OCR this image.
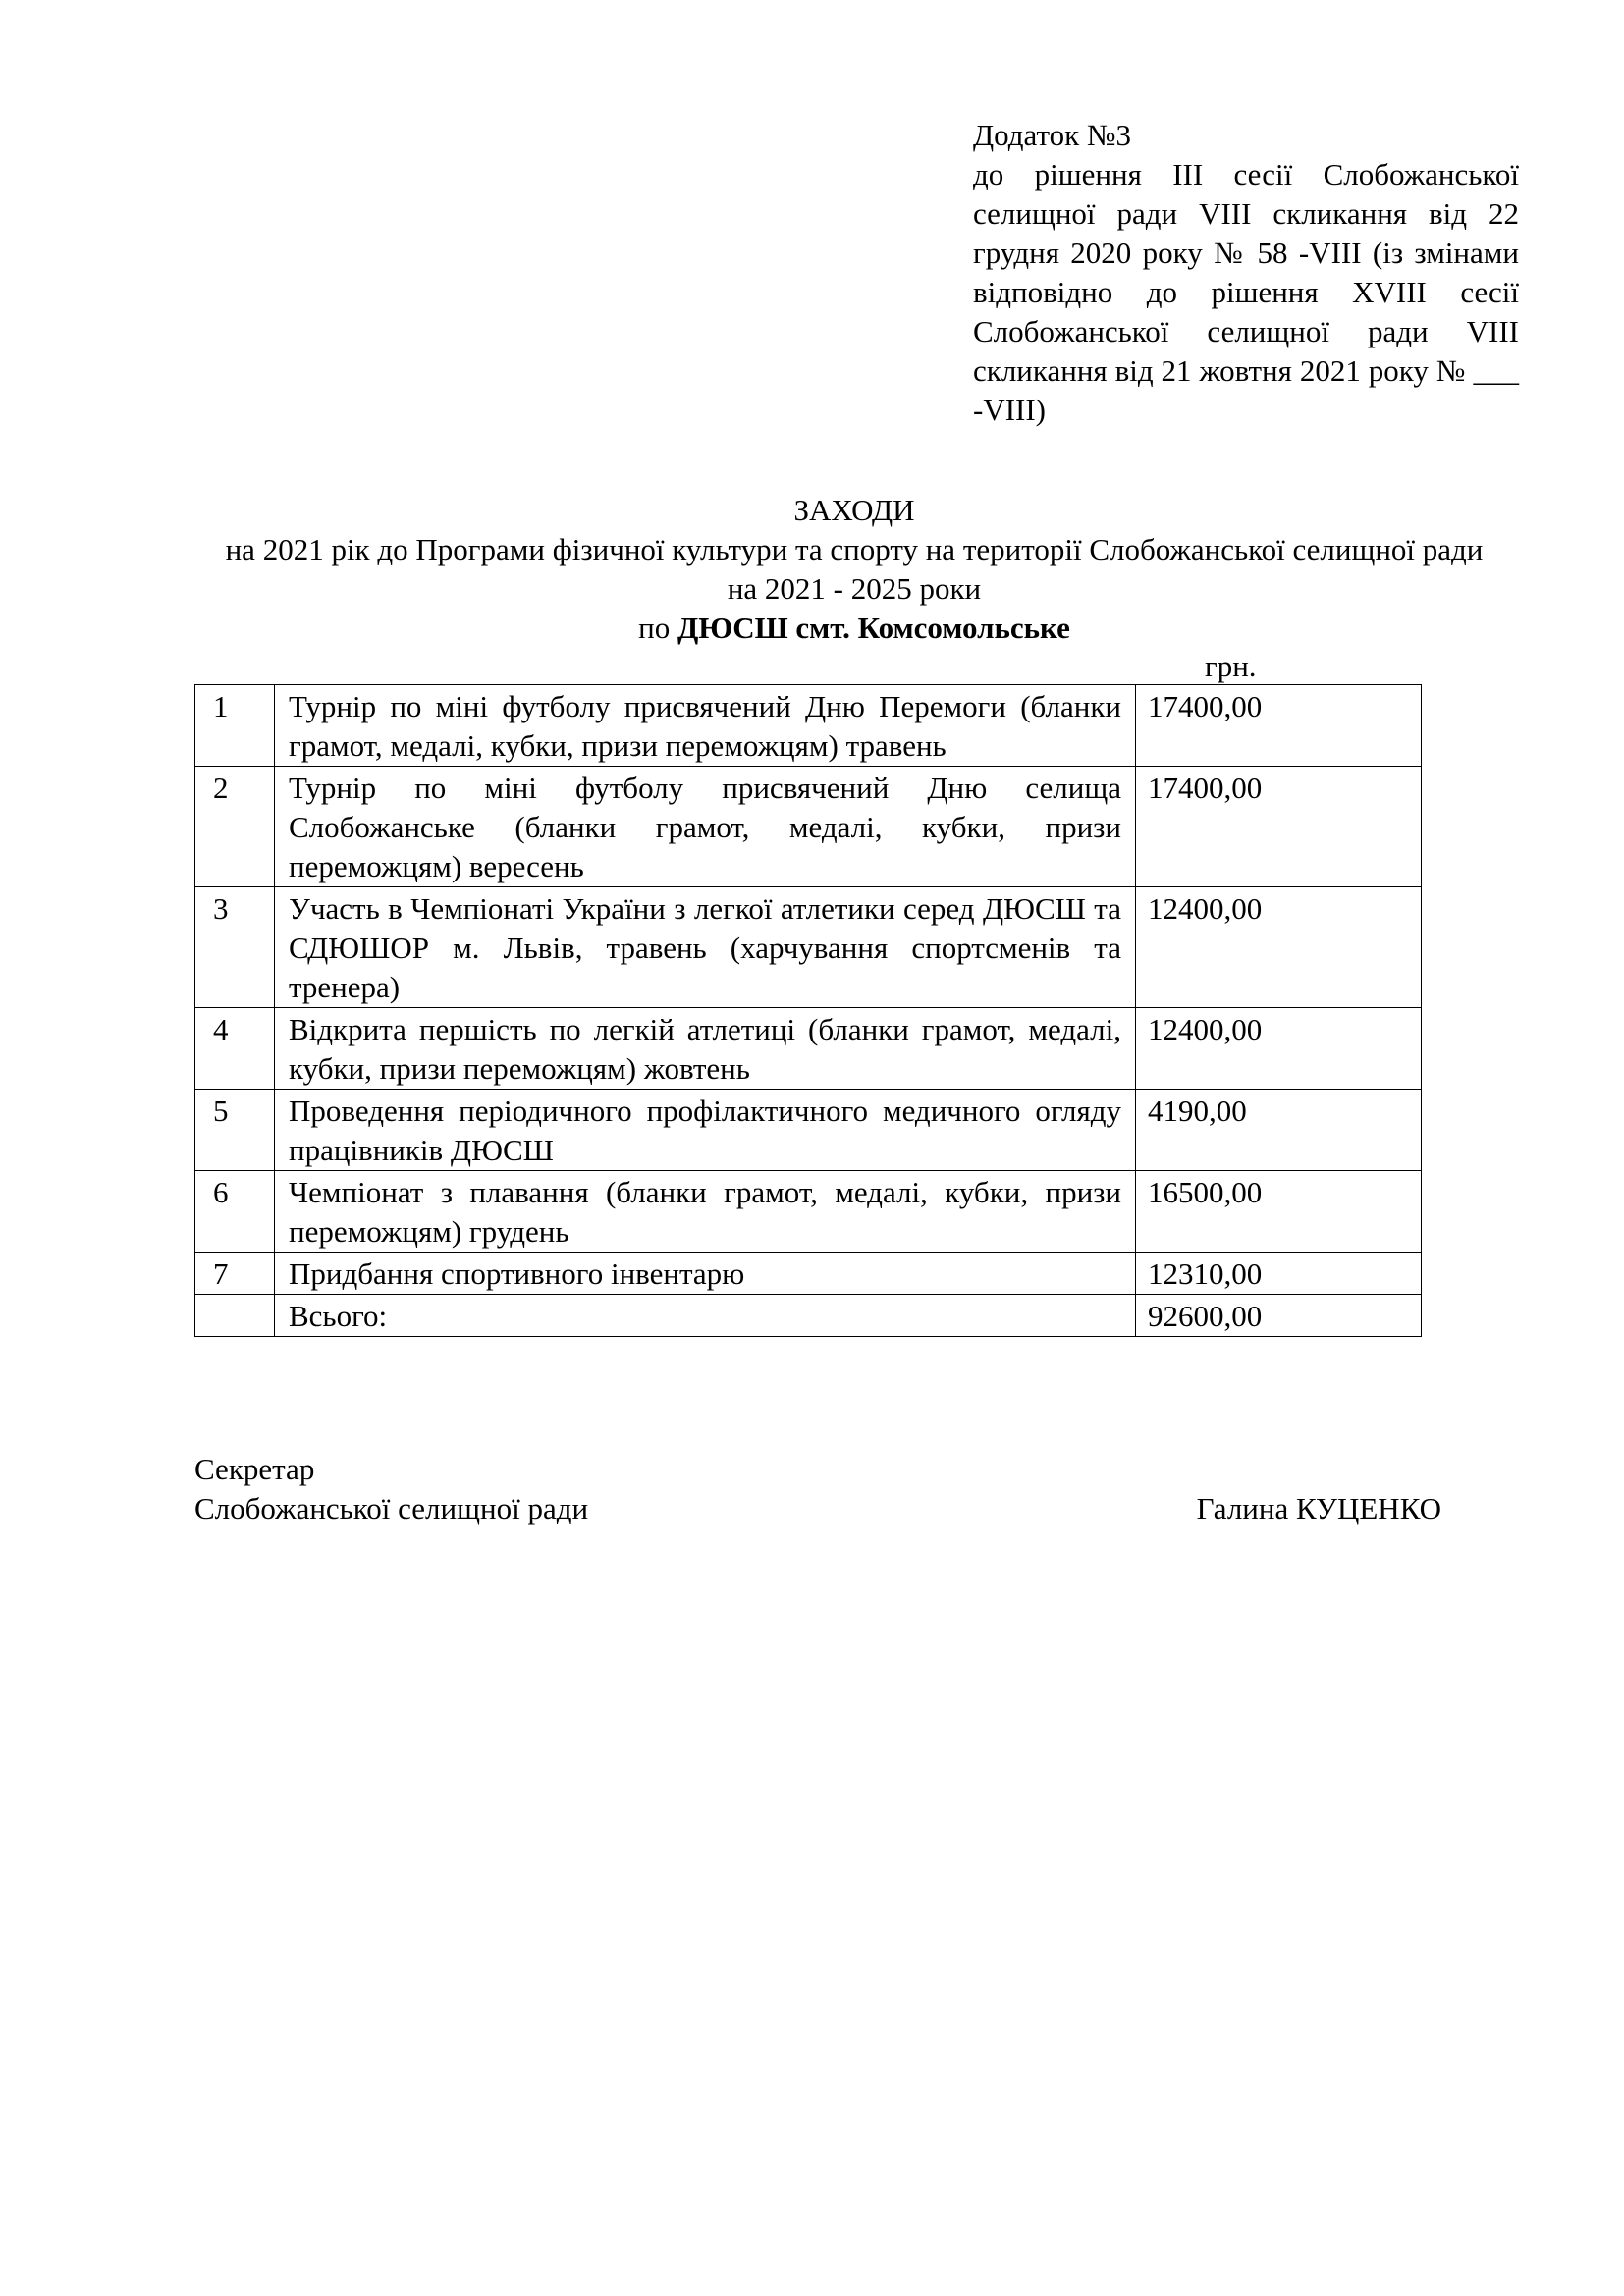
Додаток №3
до рішення ІІІ сесії Слобожанської селищної ради VIII скликання від 22 грудня 2020 року № 58 -VIII (із змінами відповідно до рішення XVIII сесії Слобожанської селищної ради VIII скликання від 21 жовтня 2021 року № ___ -VIII)
ЗАХОДИ
на 2021 рік до Програми фізичної культури та спорту на території Слобожанської селищної ради на 2021 - 2025 роки
по ДЮСШ смт. Комсомольське
грн.
1	Турнір по міні футболу присвячений Дню Перемоги (бланки грамот, медалі, кубки, призи переможцям) травень	17400,00
2	Турнір по міні футболу присвячений Дню селища Слобожанське (бланки грамот, медалі, кубки, призи переможцям) вересень	17400,00
3	Участь в Чемпіонаті України з легкої атлетики серед ДЮСШ та СДЮШОР м. Львів, травень (харчування спортсменів та тренера)	12400,00
4	Відкрита першість по легкій атлетиці (бланки грамот, медалі, кубки, призи переможцям) жовтень	12400,00
5	Проведення періодичного профілактичного медичного огляду працівників ДЮСШ	4190,00
6	Чемпіонат з плавання (бланки грамот, медалі, кубки, призи переможцям) грудень	16500,00
7	Придбання спортивного інвентарю	12310,00
	Всього:	92600,00
Секретар
Слобожанської селищної ради	Галина КУЦЕНКО
